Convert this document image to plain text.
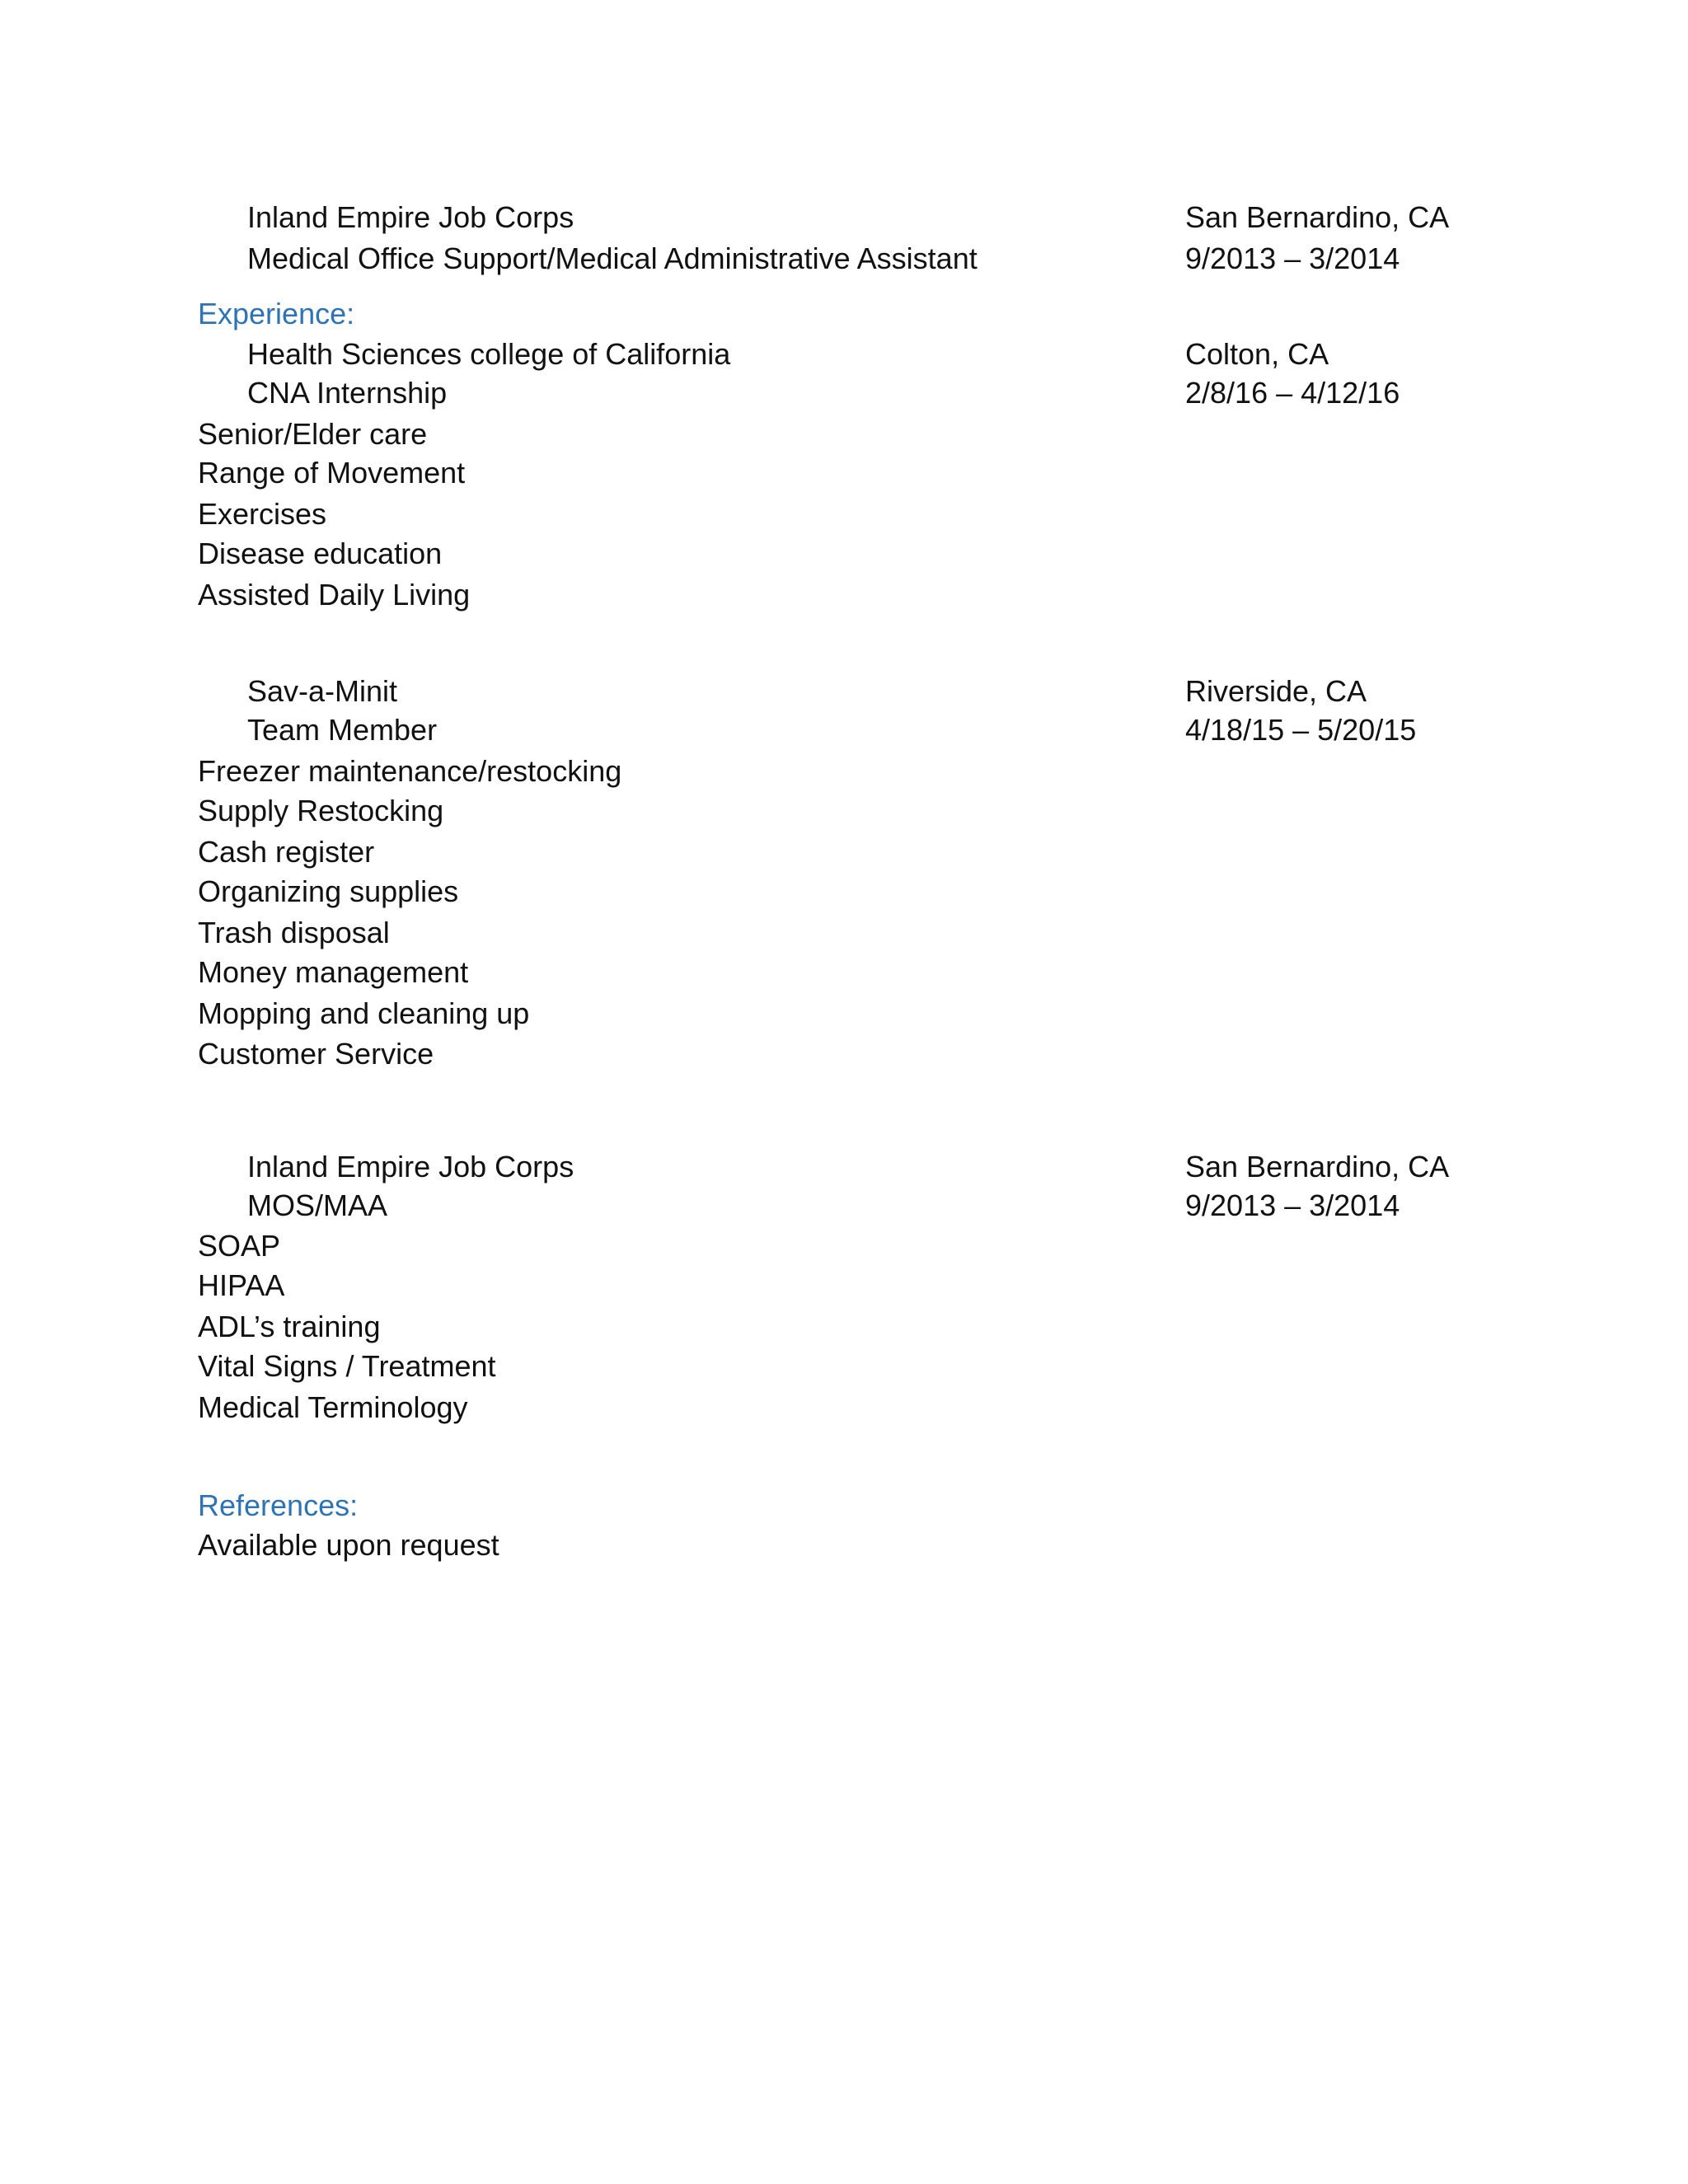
Inland Empire Job Corps	San Bernardino, CA
Medical Office Support/Medical Administrative Assistant	9/2013 – 3/2014
Experience:
Health Sciences college of California	Colton, CA
CNA Internship	2/8/16 – 4/12/16
Senior/Elder care
Range of Movement
Exercises
Disease education
Assisted Daily Living
Sav-a-Minit	Riverside, CA
Team Member	4/18/15 – 5/20/15
Freezer maintenance/restocking
Supply Restocking
Cash register
Organizing supplies
Trash disposal
Money management
Mopping and cleaning up
Customer Service
Inland Empire Job Corps	San Bernardino, CA
MOS/MAA	9/2013 – 3/2014
SOAP
HIPAA
ADL’s training
Vital Signs / Treatment
Medical Terminology
References:
Available upon request
